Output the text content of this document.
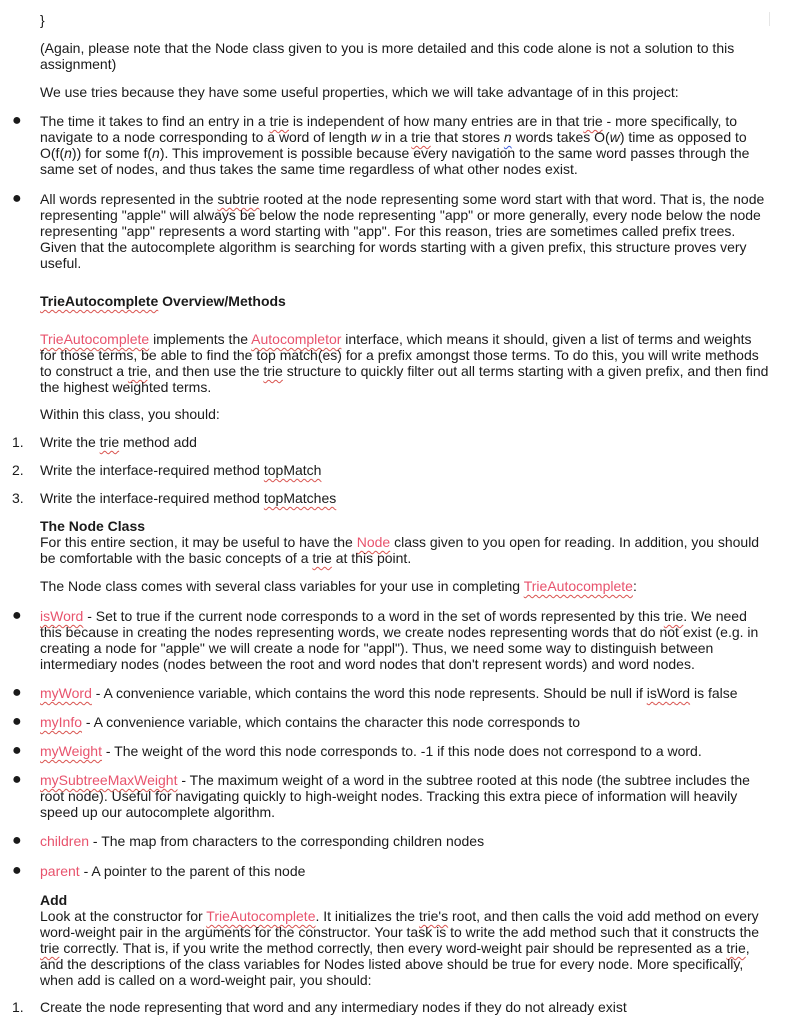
}

(Again, please note that the Node class given to you is more detailed and this code alone is not a solution to this assignment)

We use tries because they have some useful properties, which we will take advantage of in this project:

●	The time it takes to find an entry in a trie is independent of how many entries are in that trie - more specifically, to navigate to a node corresponding to a word of length w in a trie that stores n words takes O(w) time as opposed to O(f(n)) for some f(n). This improvement is possible because every navigation to the same word passes through the same set of nodes, and thus takes the same time regardless of what other nodes exist.
●	All words represented in the subtrie rooted at the node representing some word start with that word. That is, the node representing "apple" will always be below the node representing "app" or more generally, every node below the node representing "app" represents a word starting with "app". For this reason, tries are sometimes called prefix trees. Given that the autocomplete algorithm is searching for words starting with a given prefix, this structure proves very useful.

TrieAutocomplete Overview/Methods

TrieAutocomplete implements the Autocompletor interface, which means it should, given a list of terms and weights for those terms, be able to find the top match(es) for a prefix amongst those terms. To do this, you will write methods to construct a trie, and then use the trie structure to quickly filter out all terms starting with a given prefix, and then find the highest weighted terms.

Within this class, you should:

1.	Write the trie method add
2.	Write the interface-required method topMatch
3.	Write the interface-required method topMatches

The Node Class

For this entire section, it may be useful to have the Node class given to you open for reading. In addition, you should be comfortable with the basic concepts of a trie at this point.

The Node class comes with several class variables for your use in completing TrieAutocomplete:

●	isWord - Set to true if the current node corresponds to a word in the set of words represented by this trie. We need this because in creating the nodes representing words, we create nodes representing words that do not exist (e.g. in creating a node for "apple" we will create a node for "appl"). Thus, we need some way to distinguish between intermediary nodes (nodes between the root and word nodes that don't represent words) and word nodes.
●	myWord - A convenience variable, which contains the word this node represents. Should be null if isWord is false
●	myInfo - A convenience variable, which contains the character this node corresponds to
●	myWeight - The weight of the word this node corresponds to. -1 if this node does not correspond to a word.
●	mySubtreeMaxWeight - The maximum weight of a word in the subtree rooted at this node (the subtree includes the root node). Useful for navigating quickly to high-weight nodes. Tracking this extra piece of information will heavily speed up our autocomplete algorithm.
●	children - The map from characters to the corresponding children nodes
●	parent - A pointer to the parent of this node

Add

Look at the constructor for TrieAutocomplete. It initializes the trie's root, and then calls the void add method on every word-weight pair in the arguments for the constructor. Your task is to write the add method such that it constructs the trie correctly. That is, if you write the method correctly, then every word-weight pair should be represented as a trie, and the descriptions of the class variables for Nodes listed above should be true for every node. More specifically, when add is called on a word-weight pair, you should:

1.	Create the node representing that word and any intermediary nodes if they do not already exist
